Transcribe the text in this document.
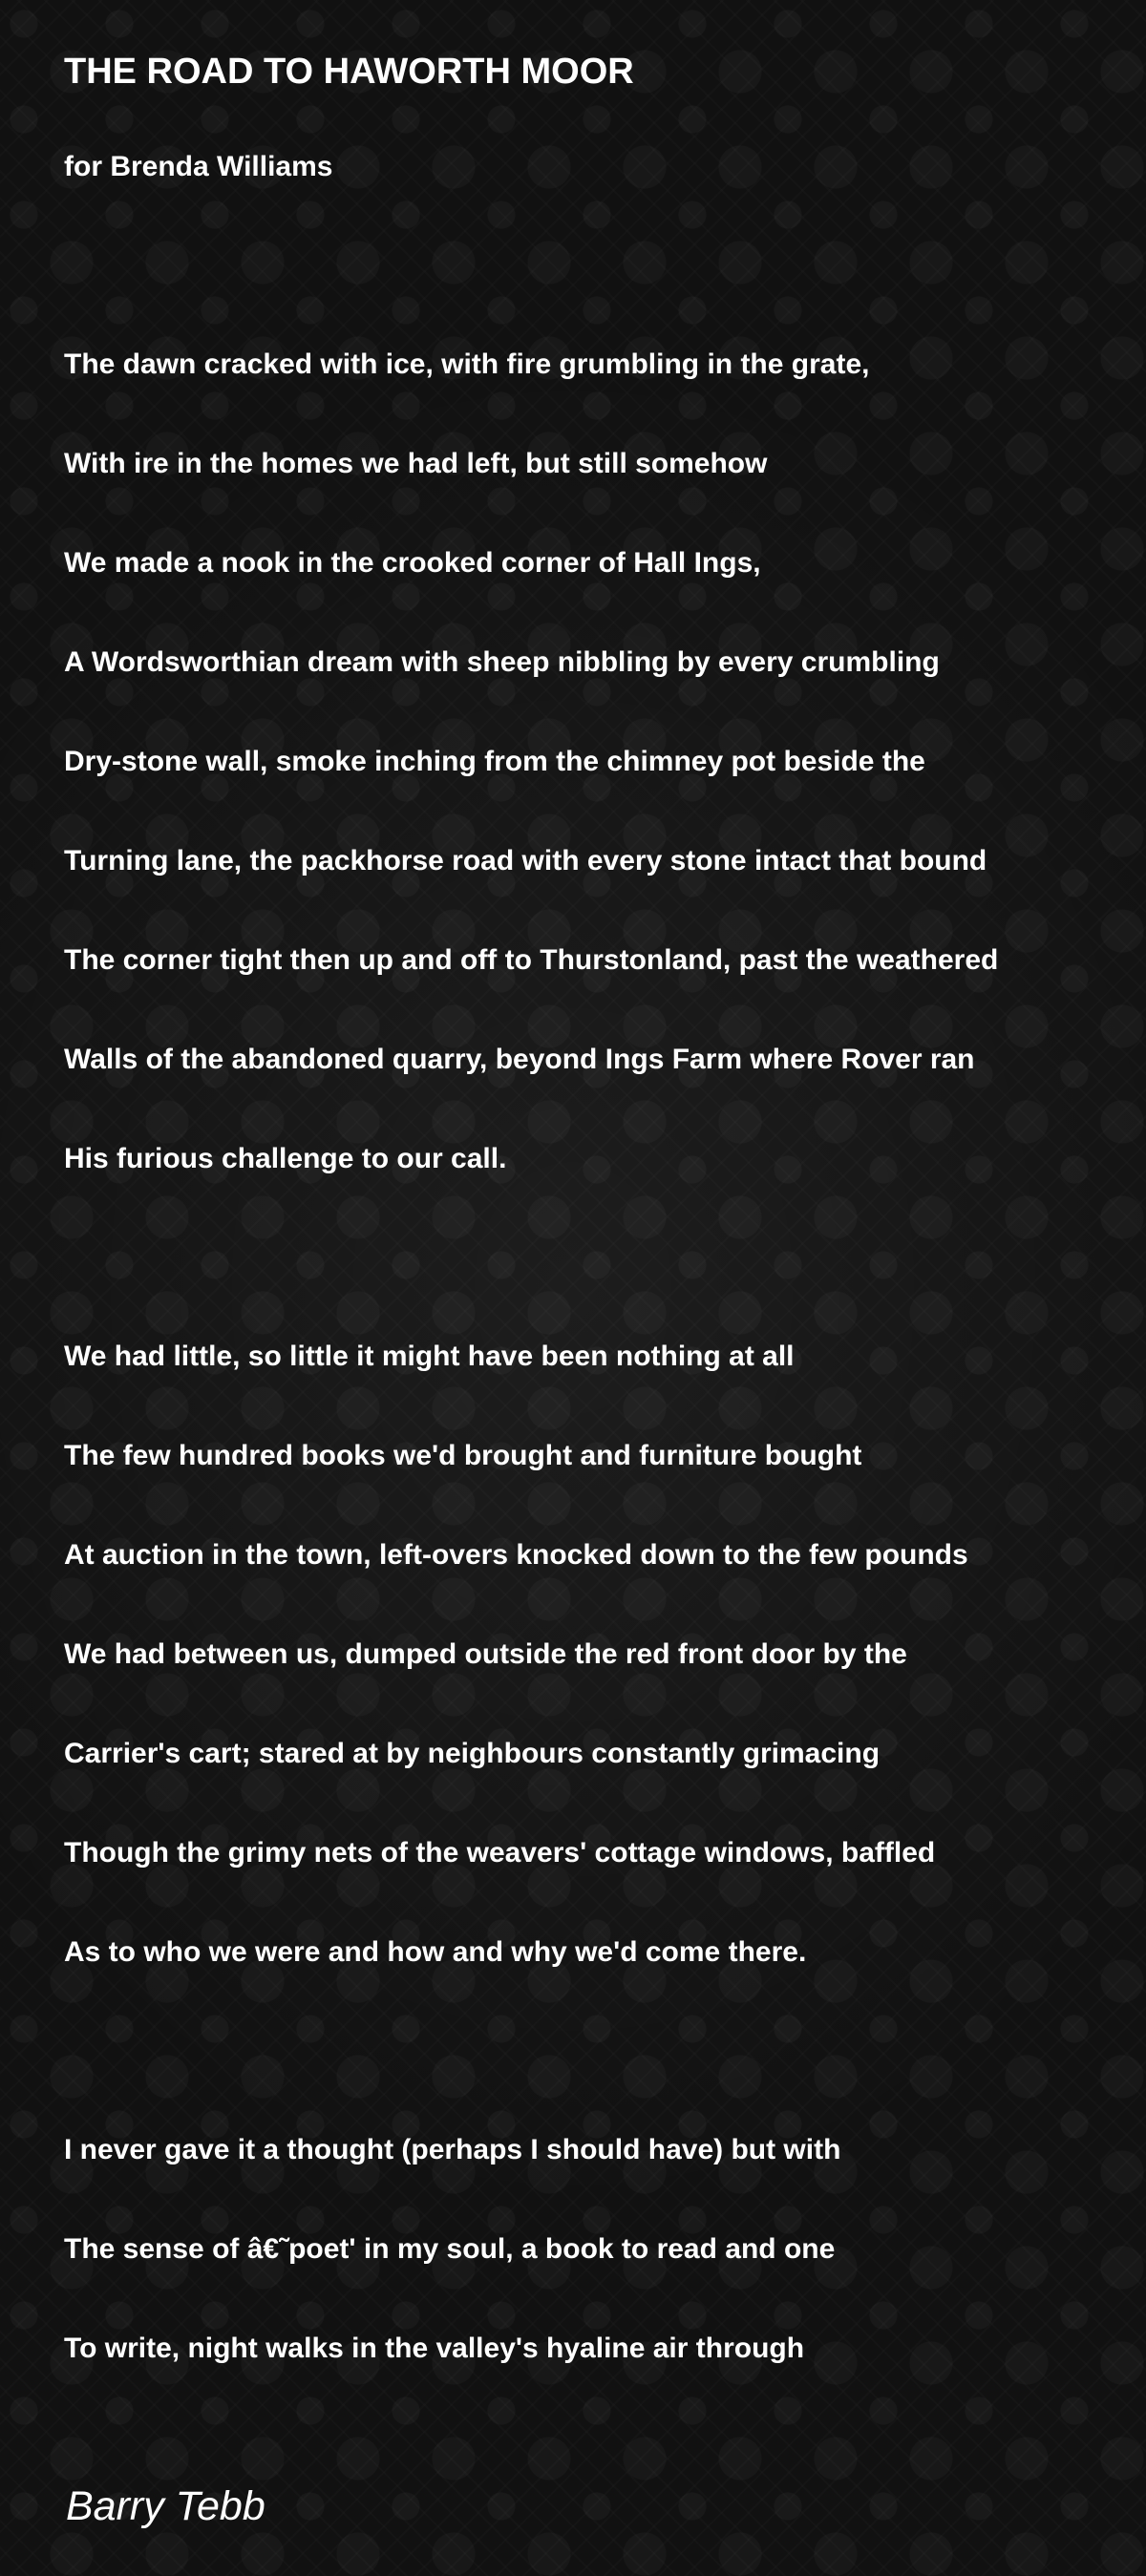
THE ROAD TO HAWORTH MOOR
for Brenda Williams
The dawn cracked with ice, with fire grumbling in the grate,
With ire in the homes we had left, but still somehow
We made a nook in the crooked corner of Hall Ings,
A Wordsworthian dream with sheep nibbling by every crumbling
Dry-stone wall, smoke inching from the chimney pot beside the
Turning lane, the packhorse road with every stone intact that bound
The corner tight then up and off to Thurstonland, past the weathered
Walls of the abandoned quarry, beyond Ings Farm where Rover ran
His furious challenge to our call.
We had little, so little it might have been nothing at all
The few hundred books we'd brought and furniture bought
At auction in the town, left-overs knocked down to the few pounds
We had between us, dumped outside the red front door by the
Carrier's cart; stared at by neighbours constantly grimacing
Though the grimy nets of the weavers' cottage windows, baffled
As to who we were and how and why we'd come there.
I never gave it a thought (perhaps I should have) but with
The sense of â€˜poet' in my soul, a book to read and one
To write, night walks in the valley's hyaline air through
Barry Tebb
